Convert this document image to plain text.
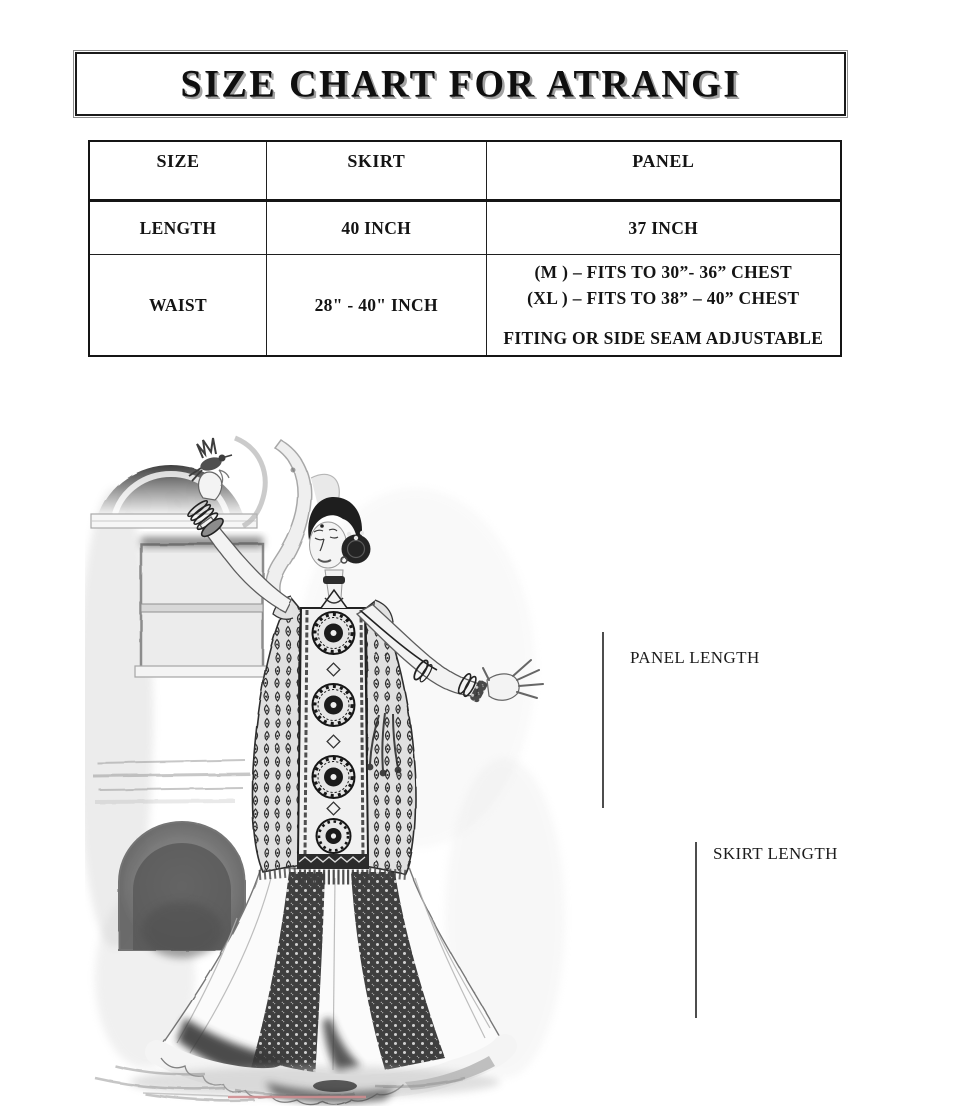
SIZE CHART FOR ATRANGI
SIZE	SKIRT	PANEL
LENGTH	40 INCH	37 INCH
WAIST	28" - 40" INCH	(M ) – FITS TO 30”- 36” CHEST
(XL ) – FITS TO 38” – 40” CHEST
FITING OR SIDE SEAM ADJUSTABLE
PANEL LENGTH
SKIRT LENGTH
